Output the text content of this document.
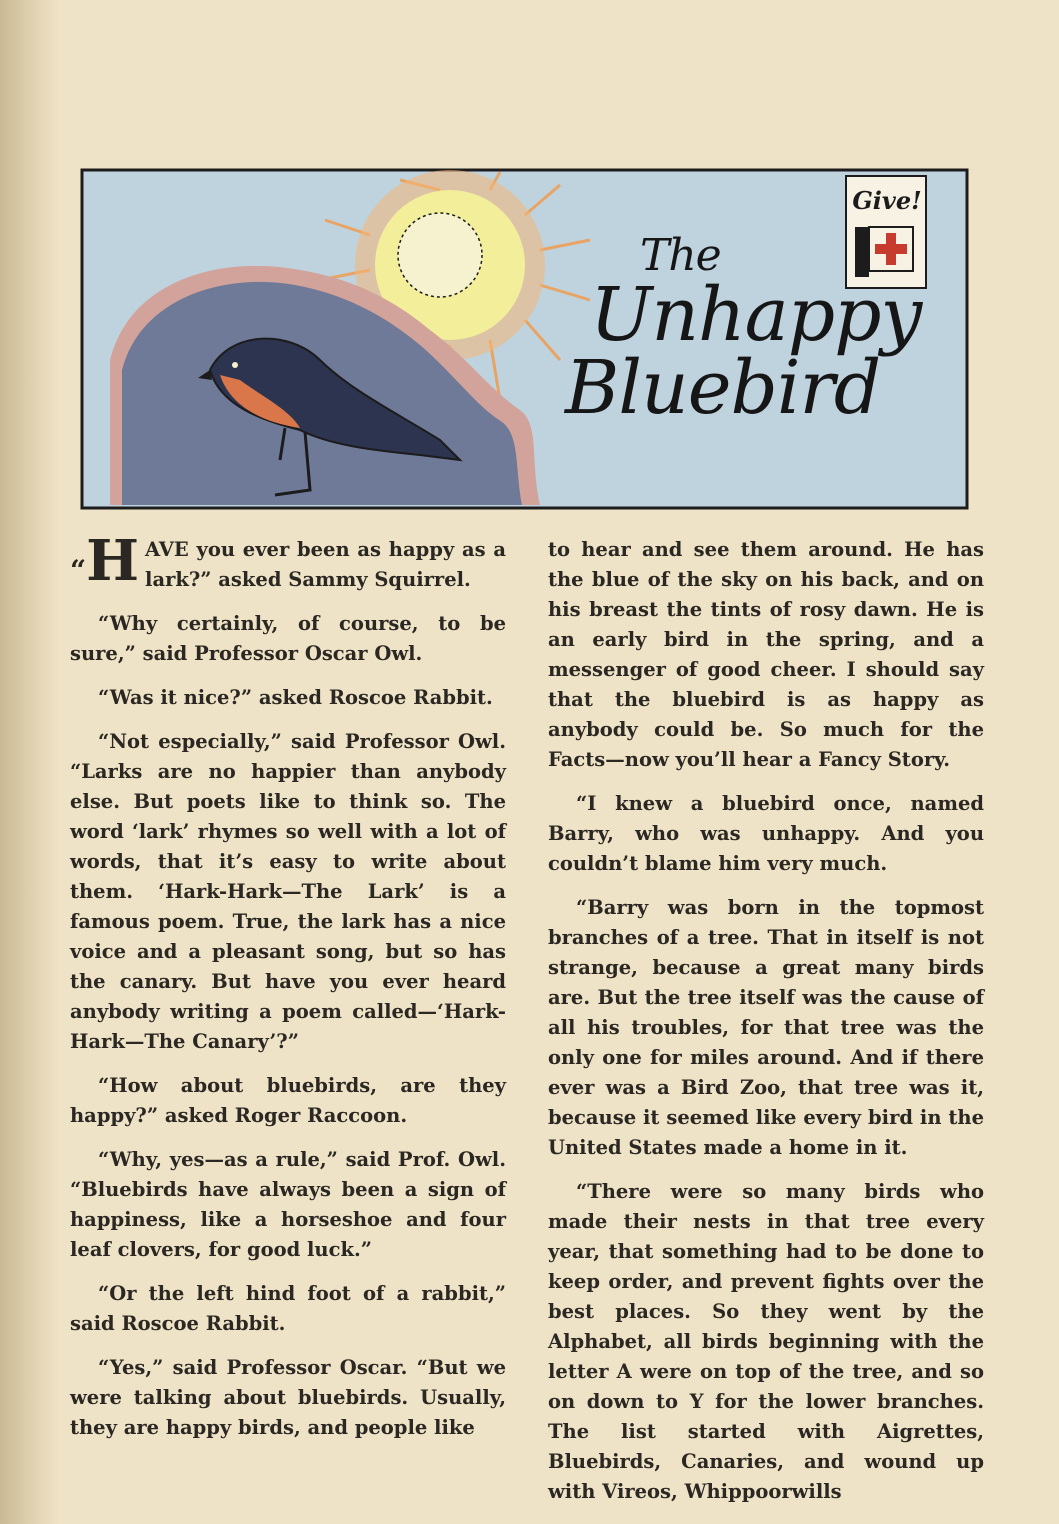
Give!
The
Unhappy
Bluebird

“H AVE you ever been as happy as a lark?” asked Sammy Squirrel.

“Why certainly, of course, to be sure,” said Professor Oscar Owl.

“Was it nice?” asked Roscoe Rabbit.

“Not especially,” said Professor Owl. “Larks are no happier than anybody else. But poets like to think so. The word ‘lark’ rhymes so well with a lot of words, that it’s easy to write about them. ‘Hark-Hark—The Lark’ is a famous poem. True, the lark has a nice voice and a pleasant song, but so has the canary. But have you ever heard anybody writing a poem called—‘Hark-Hark—The Canary’?”

“How about bluebirds, are they happy?” asked Roger Raccoon.

“Why, yes—as a rule,” said Prof. Owl. “Bluebirds have always been a sign of happiness, like a horseshoe and four leaf clovers, for good luck.”

“Or the left hind foot of a rabbit,” said Roscoe Rabbit.

“Yes,” said Professor Oscar. “But we were talking about bluebirds. Usually, they are happy birds, and people like

to hear and see them around. He has the blue of the sky on his back, and on his breast the tints of rosy dawn. He is an early bird in the spring, and a messenger of good cheer. I should say that the bluebird is as happy as anybody could be. So much for the Facts—now you’ll hear a Fancy Story.

“I knew a bluebird once, named Barry, who was unhappy. And you couldn’t blame him very much.

“Barry was born in the topmost branches of a tree. That in itself is not strange, because a great many birds are. But the tree itself was the cause of all his troubles, for that tree was the only one for miles around. And if there ever was a Bird Zoo, that tree was it, because it seemed like every bird in the United States made a home in it.

“There were so many birds who made their nests in that tree every year, that something had to be done to keep order, and prevent fights over the best places. So they went by the Alphabet, all birds beginning with the letter A were on top of the tree, and so on down to Y for the lower branches. The list started with Aigrettes, Bluebirds, Canaries, and wound up with Vireos, Whippoorwills
